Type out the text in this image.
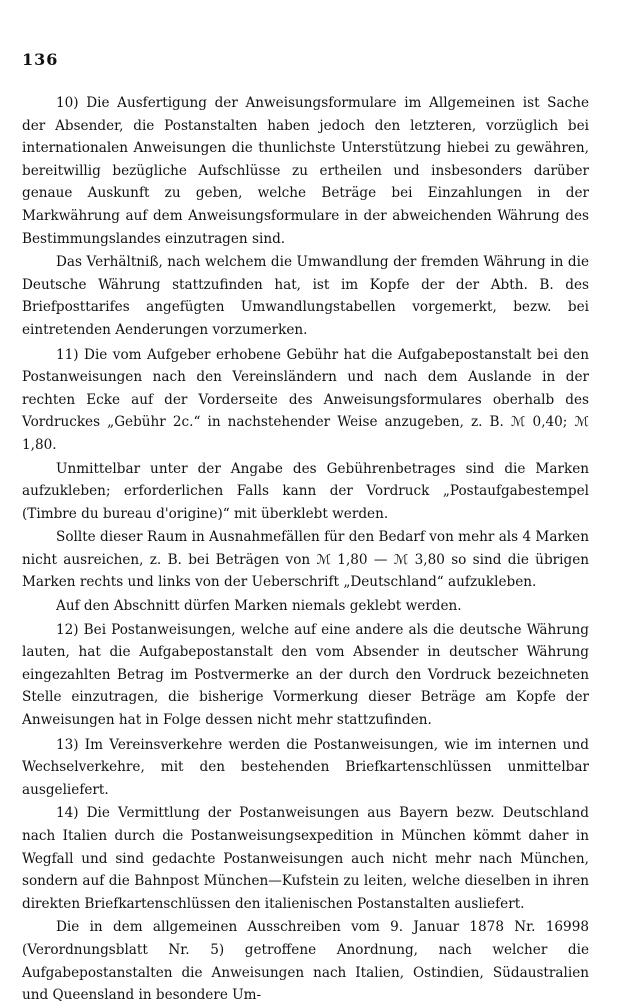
136

10) Die Ausfertigung der Anweisungsformulare im Allgemeinen ist Sache der Absender, die Postanstalten haben jedoch den letzteren, vorzüglich bei internationalen Anweisungen die thunlichste Unterstützung hiebei zu gewähren, bereitwillig bezügliche Aufschlüsse zu ertheilen und insbesonders darüber genaue Auskunft zu geben, welche Beträge bei Einzahlungen in der Markwährung auf dem Anweisungsformulare in der abweichenden Währung des Bestimmungslandes einzutragen sind.

Das Verhältniß, nach welchem die Umwandlung der fremden Währung in die Deutsche Währung stattzufinden hat, ist im Kopfe der der Abth. B. des Briefposttarifes angefügten Umwandlungstabellen vorgemerkt, bezw. bei eintretenden Aenderungen vorzumerken.

11) Die vom Aufgeber erhobene Gebühr hat die Aufgabepostanstalt bei den Postanweisungen nach den Vereinsländern und nach dem Auslande in der rechten Ecke auf der Vorderseite des Anweisungsformulares oberhalb des Vordruckes „Gebühr 2c.“ in nachstehender Weise anzugeben, z. B. ℳ 0,40; ℳ 1,80.

Unmittelbar unter der Angabe des Gebührenbetrages sind die Marken aufzukleben; erforderlichen Falls kann der Vordruck „Postaufgabestempel (Timbre du bureau d'origine)“ mit überklebt werden.

Sollte dieser Raum in Ausnahmefällen für den Bedarf von mehr als 4 Marken nicht ausreichen, z. B. bei Beträgen von ℳ 1,80 — ℳ 3,80 so sind die übrigen Marken rechts und links von der Ueberschrift „Deutschland“ aufzukleben.

Auf den Abschnitt dürfen Marken niemals geklebt werden.

12) Bei Postanweisungen, welche auf eine andere als die deutsche Währung lauten, hat die Aufgabepostanstalt den vom Absender in deutscher Währung eingezahlten Betrag im Postvermerke an der durch den Vordruck bezeichneten Stelle einzutragen, die bisherige Vormerkung dieser Beträge am Kopfe der Anweisungen hat in Folge dessen nicht mehr stattzufinden.

13) Im Vereinsverkehre werden die Postanweisungen, wie im internen und Wechselverkehre, mit den bestehenden Briefkartenschlüssen unmittelbar ausgeliefert.

14) Die Vermittlung der Postanweisungen aus Bayern bezw. Deutschland nach Italien durch die Postanweisungsexpedition in München kömmt daher in Wegfall und sind gedachte Postanweisungen auch nicht mehr nach München, sondern auf die Bahnpost München—Kufstein zu leiten, welche dieselben in ihren direkten Briefkartenschlüssen den italienischen Postanstalten ausliefert.

Die in dem allgemeinen Ausschreiben vom 9. Januar 1878 Nr. 16998 (Verordnungsblatt Nr. 5) getroffene Anordnung, nach welcher die Aufgabepostanstalten die Anweisungen nach Italien, Ostindien, Südaustralien und Queensland in besondere Um-
